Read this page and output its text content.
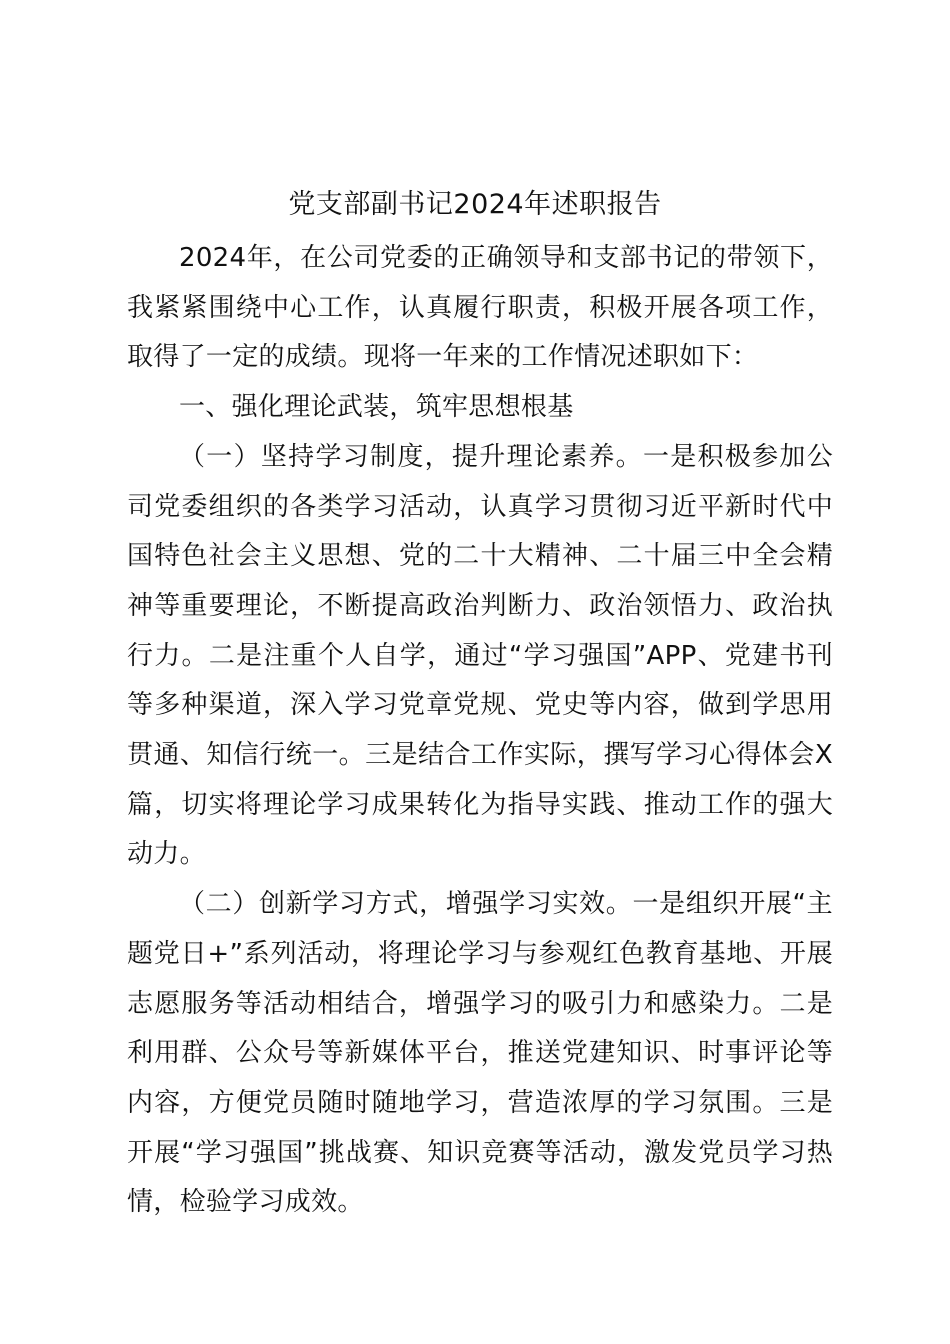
党支部副书记2024年述职报告

2024年，在公司党委的正确领导和支部书记的带领下，我紧紧围绕中心工作，认真履行职责，积极开展各项工作，取得了一定的成绩。现将一年来的工作情况述职如下：

一、强化理论武装，筑牢思想根基

（一）坚持学习制度，提升理论素养。一是积极参加公司党委组织的各类学习活动，认真学习贯彻习近平新时代中国特色社会主义思想、党的二十大精神、二十届三中全会精神等重要理论，不断提高政治判断力、政治领悟力、政治执行力。二是注重个人自学，通过“学习强国”APP、党建书刊等多种渠道，深入学习党章党规、党史等内容，做到学思用贯通、知信行统一。三是结合工作实际，撰写学习心得体会X篇，切实将理论学习成果转化为指导实践、推动工作的强大动力。

（二）创新学习方式，增强学习实效。一是组织开展“主题党日+”系列活动，将理论学习与参观红色教育基地、开展志愿服务等活动相结合，增强学习的吸引力和感染力。二是利用群、公众号等新媒体平台，推送党建知识、时事评论等内容，方便党员随时随地学习，营造浓厚的学习氛围。三是开展“学习强国”挑战赛、知识竞赛等活动，激发党员学习热情，检验学习成效。
